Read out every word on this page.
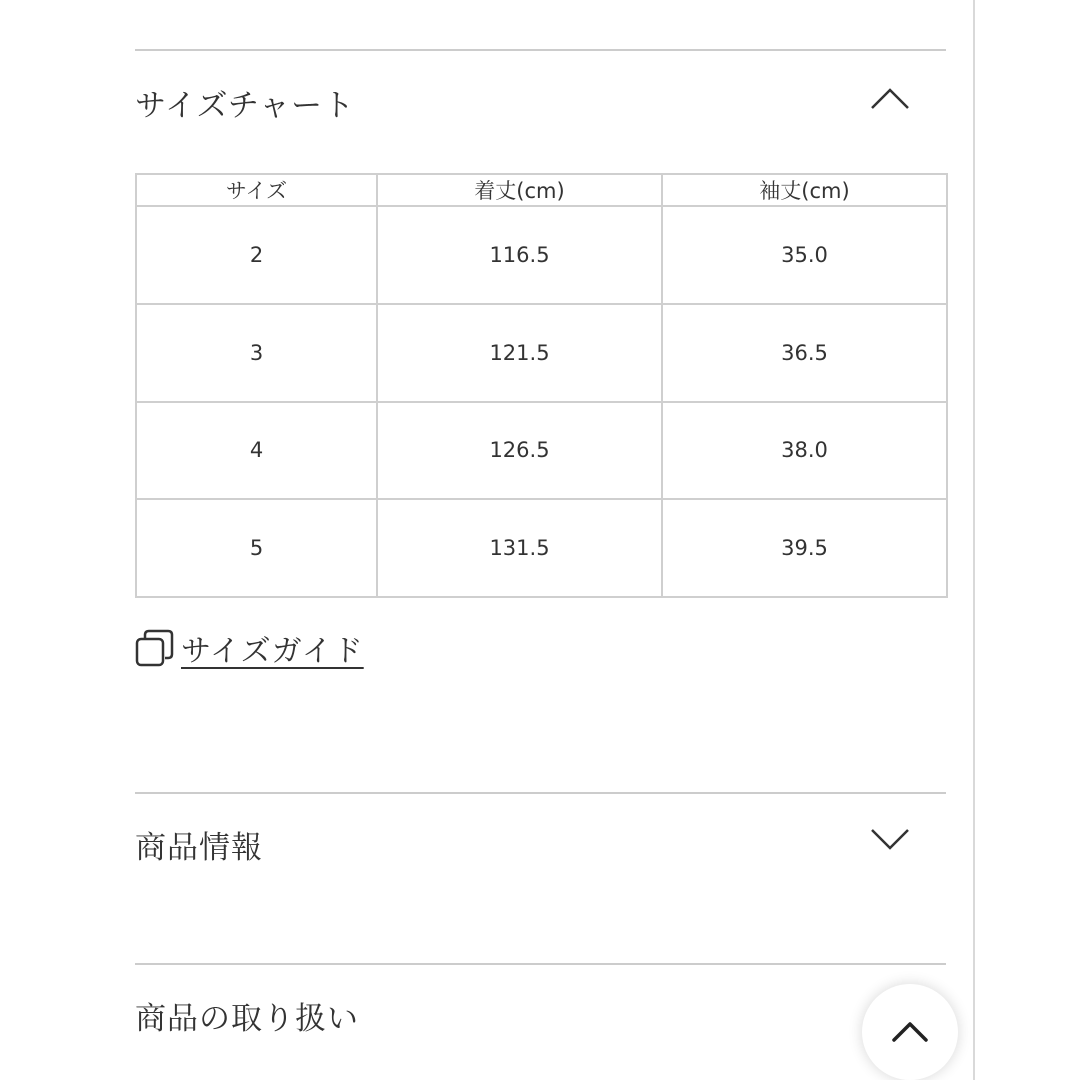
サイズチャート
サイズ	着丈(cm)	袖丈(cm)
2	116.5	35.0
3	121.5	36.5
4	126.5	38.0
5	131.5	39.5
サイズガイド
商品情報
商品の取り扱い
